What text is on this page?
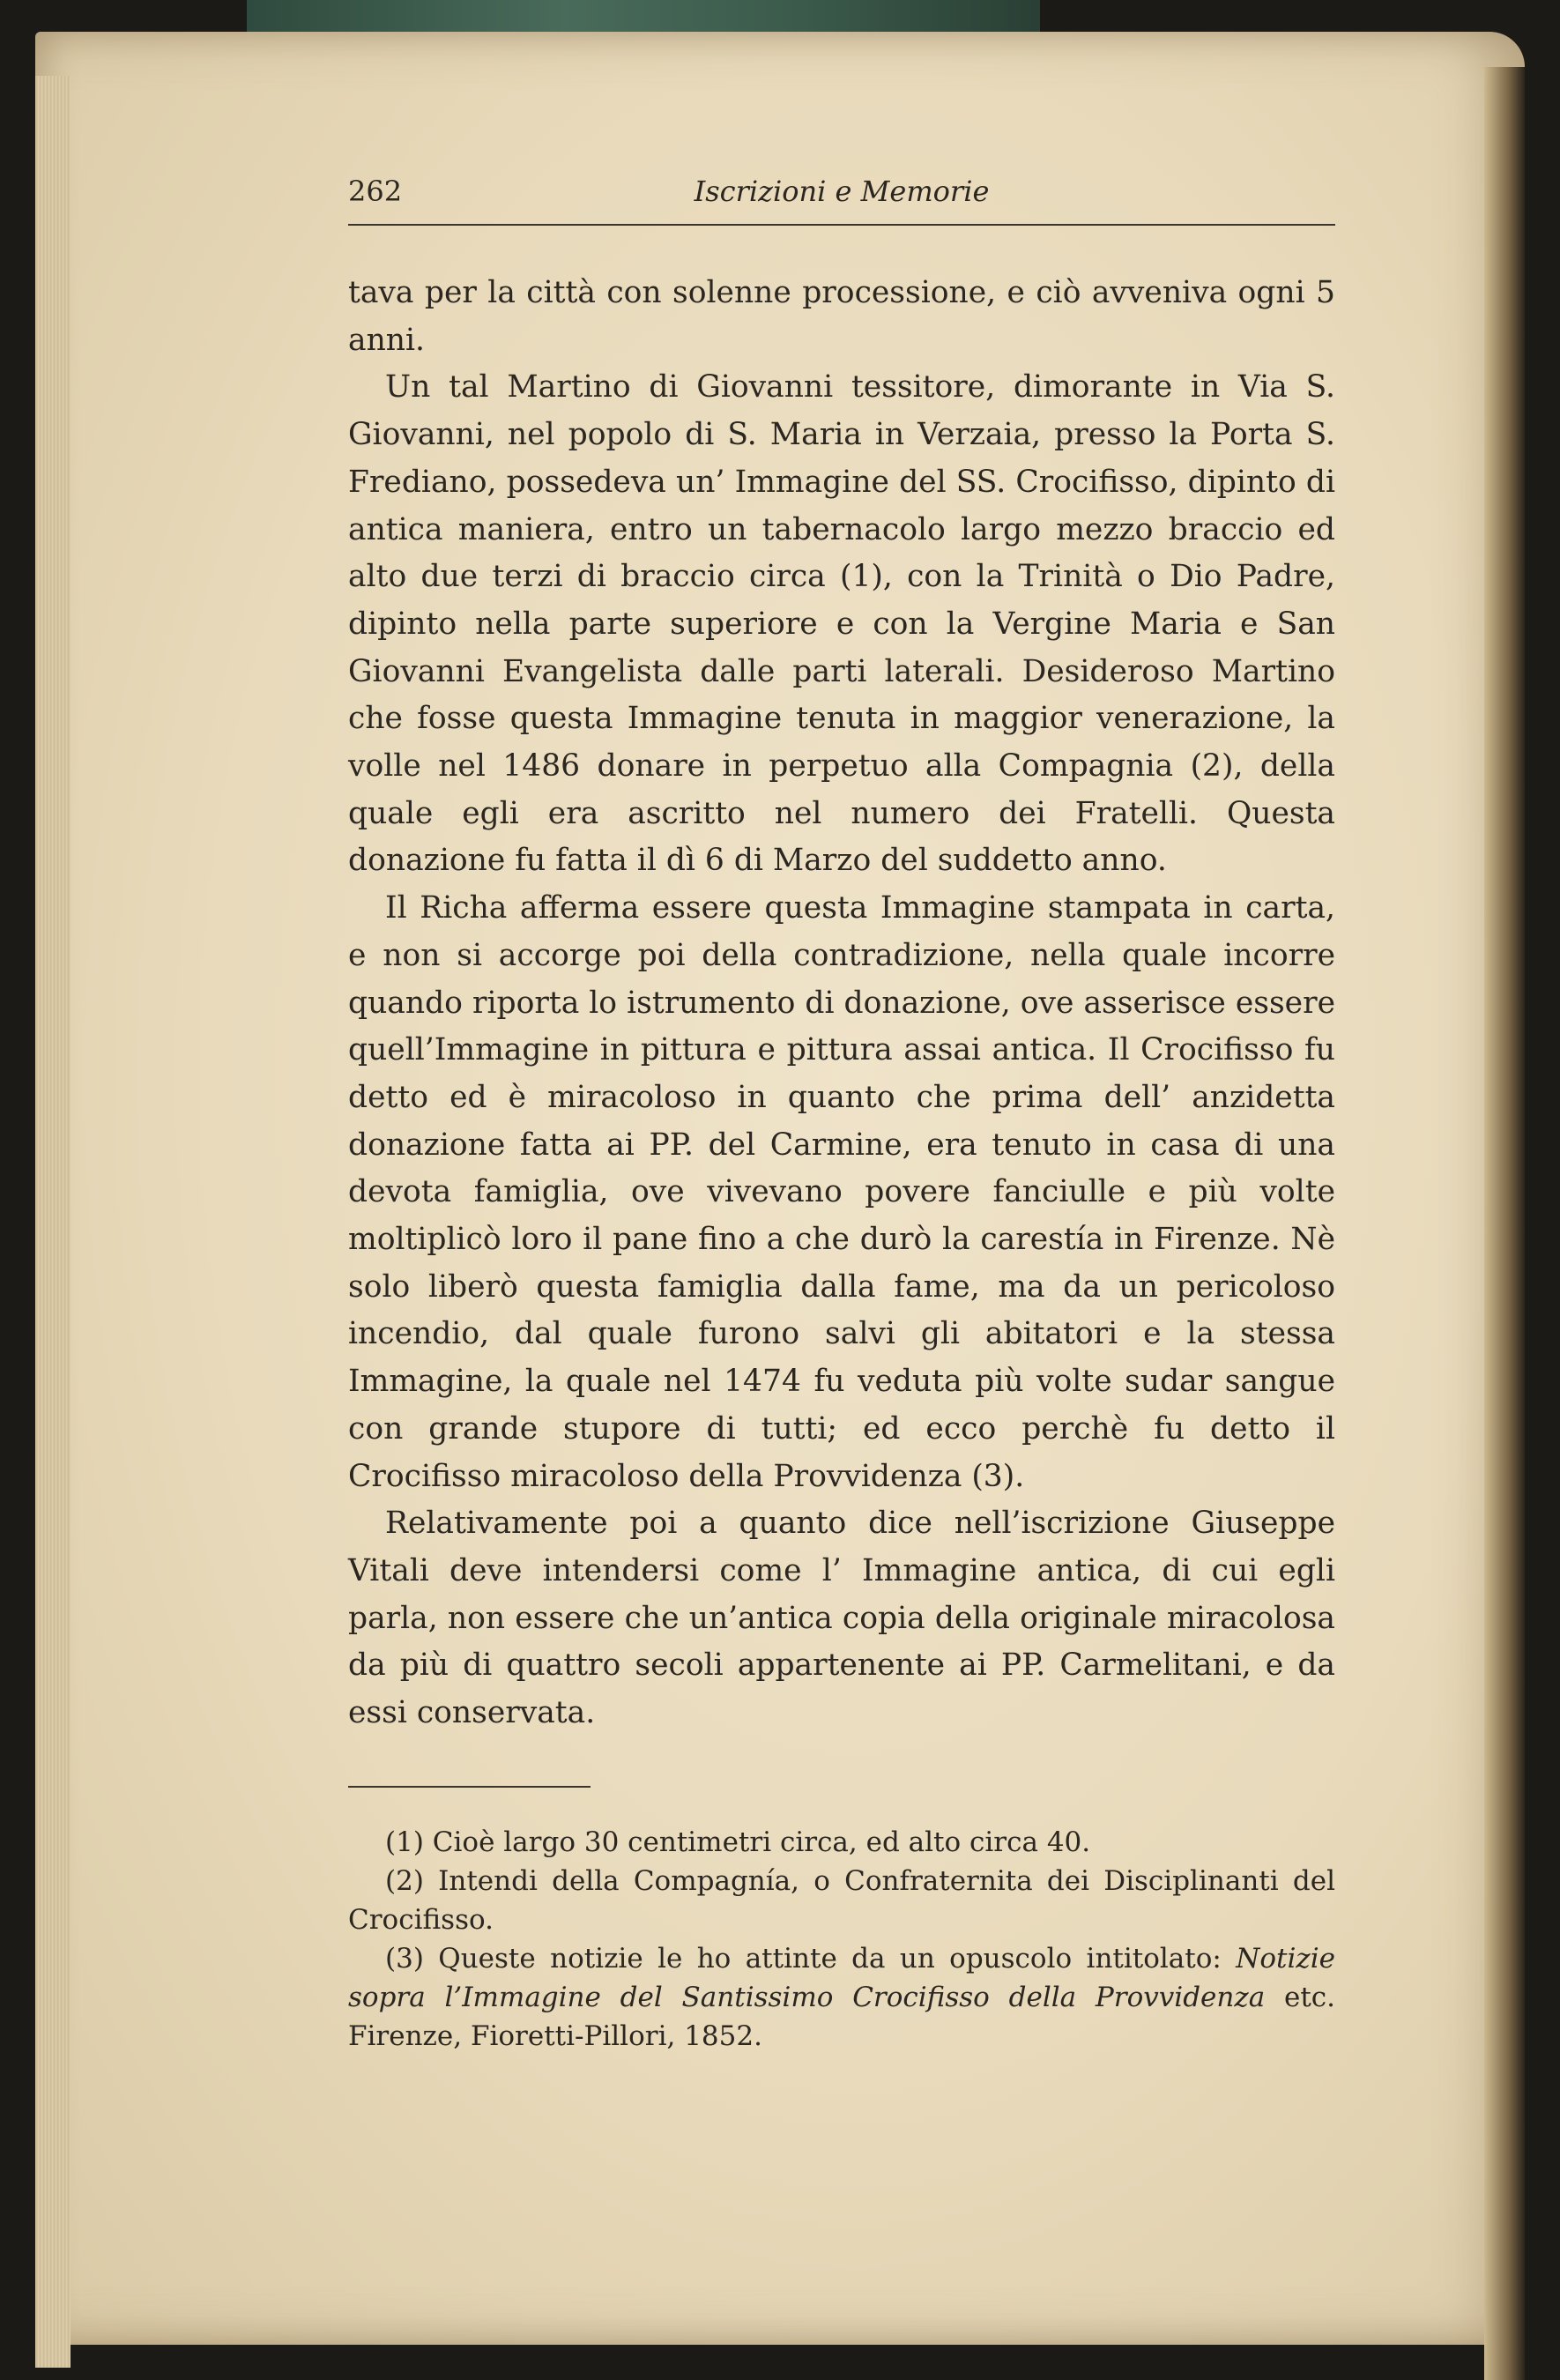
262	Iscrizioni e Memorie

tava per la città con solenne processione, e ciò avveniva ogni 5 anni.

Un tal Martino di Giovanni tessitore, dimorante in Via S. Giovanni, nel popolo di S. Maria in Verzaia, presso la Porta S. Frediano, possedeva un’ Immagine del SS. Crocifisso, dipinto di antica maniera, entro un tabernacolo largo mezzo braccio ed alto due terzi di braccio circa (1), con la Trinità o Dio Padre, dipinto nella parte superiore e con la Vergine Maria e San Giovanni Evangelista dalle parti laterali. Desideroso Martino che fosse questa Immagine tenuta in maggior venerazione, la volle nel 1486 donare in perpetuo alla Compagnia (2), della quale egli era ascritto nel numero dei Fratelli. Questa donazione fu fatta il dì 6 di Marzo del suddetto anno.

Il Richa afferma essere questa Immagine stampata in carta, e non si accorge poi della contradizione, nella quale incorre quando riporta lo istrumento di donazione, ove asserisce essere quell’Immagine in pittura e pittura assai antica. Il Crocifisso fu detto ed è miracoloso in quanto che prima dell’ anzidetta donazione fatta ai PP. del Carmine, era tenuto in casa di una devota famiglia, ove vivevano povere fanciulle e più volte moltiplicò loro il pane fino a che durò la carestía in Firenze. Nè solo liberò questa famiglia dalla fame, ma da un pericoloso incendio, dal quale furono salvi gli abitatori e la stessa Immagine, la quale nel 1474 fu veduta più volte sudar sangue con grande stupore di tutti; ed ecco perchè fu detto il Crocifisso miracoloso della Provvidenza (3).

Relativamente poi a quanto dice nell’iscrizione Giuseppe Vitali deve intendersi come l’ Immagine antica, di cui egli parla, non essere che un’antica copia della originale miracolosa da più di quattro secoli appartenente ai PP. Carmelitani, e da essi conservata.

(1) Cioè largo 30 centimetri circa, ed alto circa 40.

(2) Intendi della Compagnía, o Confraternita dei Disciplinanti del Crocifisso.

(3) Queste notizie le ho attinte da un opuscolo intitolato: Notizie sopra l’Immagine del Santissimo Crocifisso della Provvidenza etc. Firenze, Fioretti-Pillori, 1852.
